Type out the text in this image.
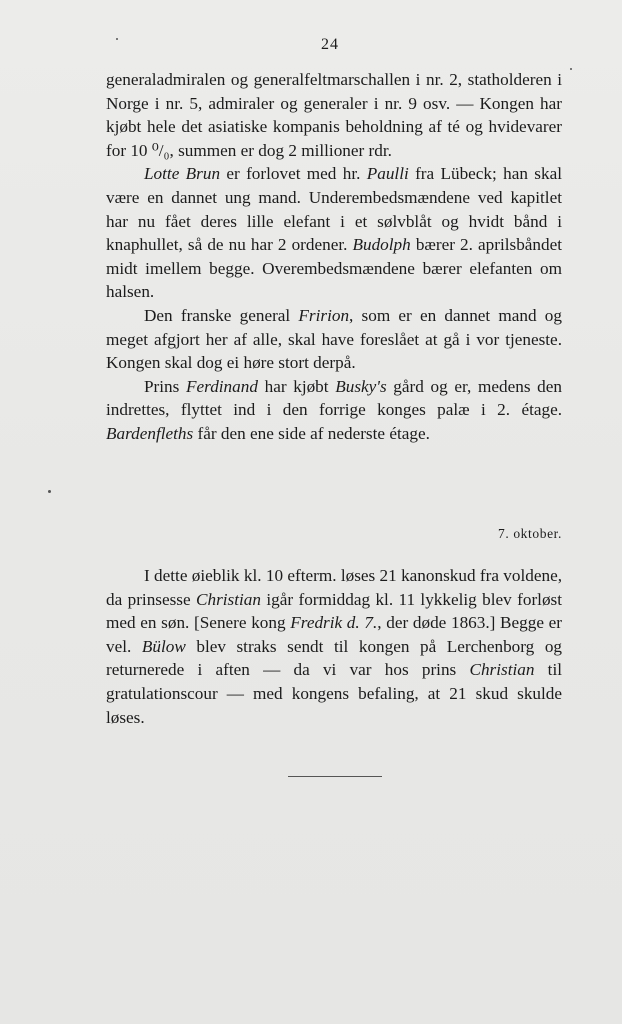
24

generaladmiralen og generalfeltmarschallen i nr. 2, statholderen i Norge i nr. 5, admiraler og generaler i nr. 9 osv. — Kongen har kjøbt hele det asiatiske kompanis beholdning af té og hvidevarer for 10 ⁰/₀, summen er dog 2 millioner rdr.

Lotte Brun er forlovet med hr. Paulli fra Lübeck; han skal være en dannet ung mand. Underembedsmændene ved kapitlet har nu fået deres lille elefant i et sølvblåt og hvidt bånd i knaphullet, så de nu har 2 ordener. Budolph bærer 2. aprilsbåndet midt imellem begge. Overembedsmændene bærer elefanten om halsen.

Den franske general Fririon, som er en dannet mand og meget afgjort her af alle, skal have foreslået at gå i vor tjeneste. Kongen skal dog ei høre stort derpå.

Prins Ferdinand har kjøbt Busky's gård og er, medens den indrettes, flyttet ind i den forrige konges palæ i 2. étage. Bardenfleths får den ene side af nederste étage.

7. oktober.

I dette øieblik kl. 10 efterm. løses 21 kanonskud fra voldene, da prinsesse Christian igår formiddag kl. 11 lykkelig blev forløst med en søn. [Senere kong Fredrik d. 7., der døde 1863.] Begge er vel. Bülow blev straks sendt til kongen på Lerchenborg og returnerede i aften — da vi var hos prins Christian til gratulationscour — med kongens befaling, at 21 skud skulde løses.
